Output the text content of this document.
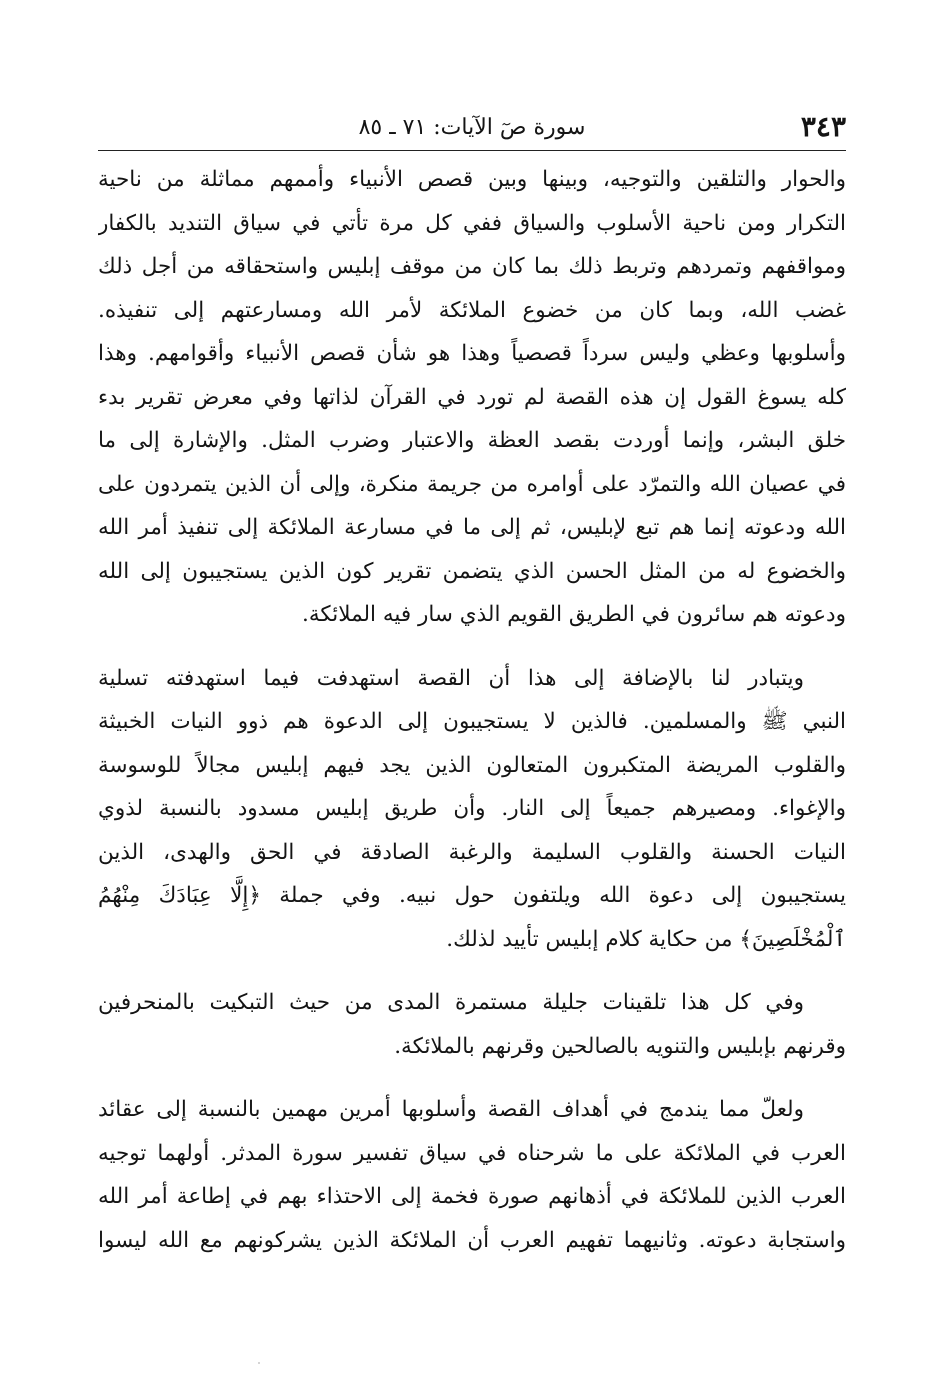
٣٤٣
سورة صٓ الآيات: ٧١ ـ ٨٥

والحوار والتلقين والتوجيه، وبينها وبين قصص الأنبياء وأممهم مماثلة من ناحية

التكرار ومن ناحية الأسلوب والسياق ففي كل مرة تأتي في سياق التنديد بالكفار

ومواقفهم وتمردهم وتربط ذلك بما كان من موقف إبليس واستحقاقه من أجل ذلك

غضب الله، وبما كان من خضوع الملائكة لأمر الله ومسارعتهم إلى تنفيذه.

وأسلوبها وعظي وليس سرداً قصصياً وهذا هو شأن قصص الأنبياء وأقوامهم. وهذا

كله يسوغ القول إن هذه القصة لم تورد في القرآن لذاتها وفي معرض تقرير بدء

خلق البشر، وإنما أوردت بقصد العظة والاعتبار وضرب المثل. والإشارة إلى ما

في عصيان الله والتمرّد على أوامره من جريمة منكرة، وإلى أن الذين يتمردون على

الله ودعوته إنما هم تبع لإبليس، ثم إلى ما في مسارعة الملائكة إلى تنفيذ أمر الله

والخضوع له من المثل الحسن الذي يتضمن تقرير كون الذين يستجيبون إلى الله

ودعوته هم سائرون في الطريق القويم الذي سار فيه الملائكة.

ويتبادر لنا بالإضافة إلى هذا أن القصة استهدفت فيما استهدفته تسلية

النبي ﷺ والمسلمين. فالذين لا يستجيبون إلى الدعوة هم ذوو النيات الخبيثة

والقلوب المريضة المتكبرون المتعالون الذين يجد فيهم إبليس مجالاً للوسوسة

والإغواء. ومصيرهم جميعاً إلى النار. وأن طريق إبليس مسدود بالنسبة لذوي

النيات الحسنة والقلوب السليمة والرغبة الصادقة في الحق والهدى، الذين

يستجيبون إلى دعوة الله ويلتفون حول نبيه. وفي جملة ﴿إِلَّا عِبَادَكَ مِنْهُمُ

ٱلْمُخْلَصِينَ﴾ من حكاية كلام إبليس تأييد لذلك.

وفي كل هذا تلقينات جليلة مستمرة المدى من حيث التبكيت بالمنحرفين

وقرنهم بإبليس والتنويه بالصالحين وقرنهم بالملائكة.

ولعلّ مما يندمج في أهداف القصة وأسلوبها أمرين مهمين بالنسبة إلى عقائد

العرب في الملائكة على ما شرحناه في سياق تفسير سورة المدثر. أولهما توجيه

العرب الذين للملائكة في أذهانهم صورة فخمة إلى الاحتذاء بهم في إطاعة أمر الله

واستجابة دعوته. وثانيهما تفهيم العرب أن الملائكة الذين يشركونهم مع الله ليسوا
